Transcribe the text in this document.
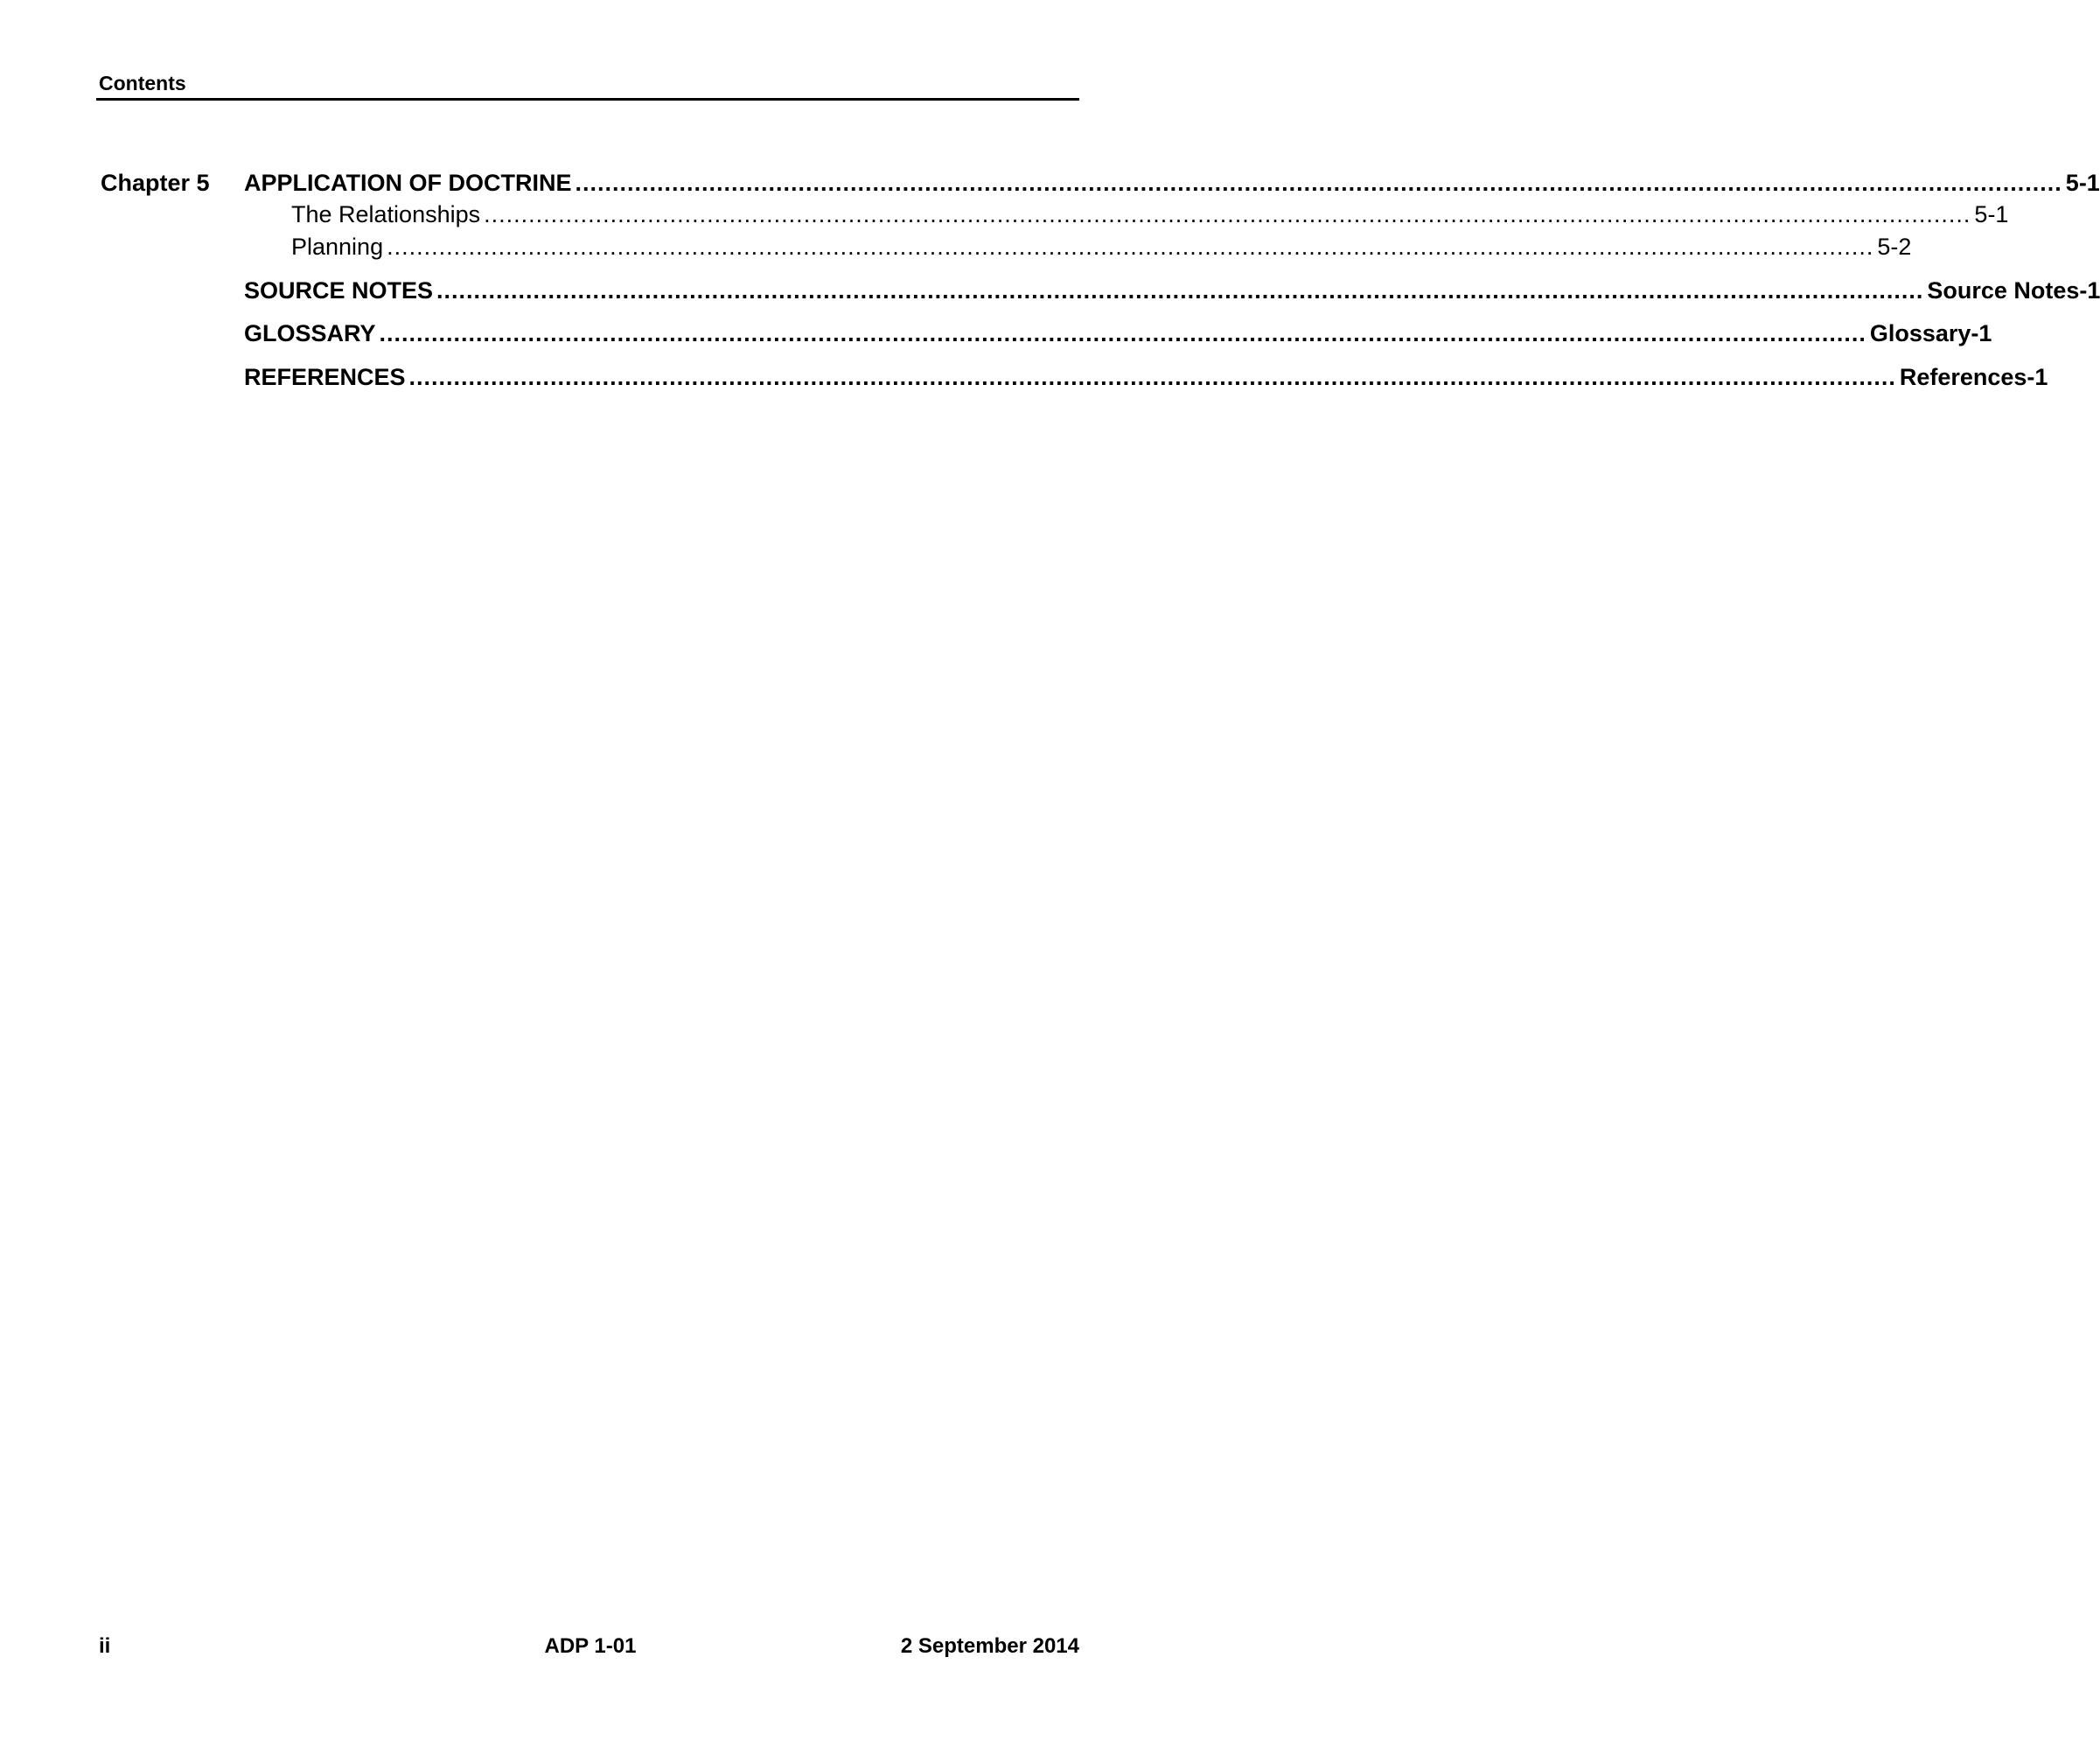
Contents
Chapter 5 APPLICATION OF DOCTRINE ........................................................................................................................................................................................................ 5-1
The Relationships ........................................................................................................................................................................................................ 5-1
Planning ........................................................................................................................................................................................................ 5-2
SOURCE NOTES ........................................................................................................................................................................................................ Source Notes-1
GLOSSARY ........................................................................................................................................................................................................ Glossary-1
REFERENCES ........................................................................................................................................................................................................ References-1
ii	ADP 1-01	2 September 2014
